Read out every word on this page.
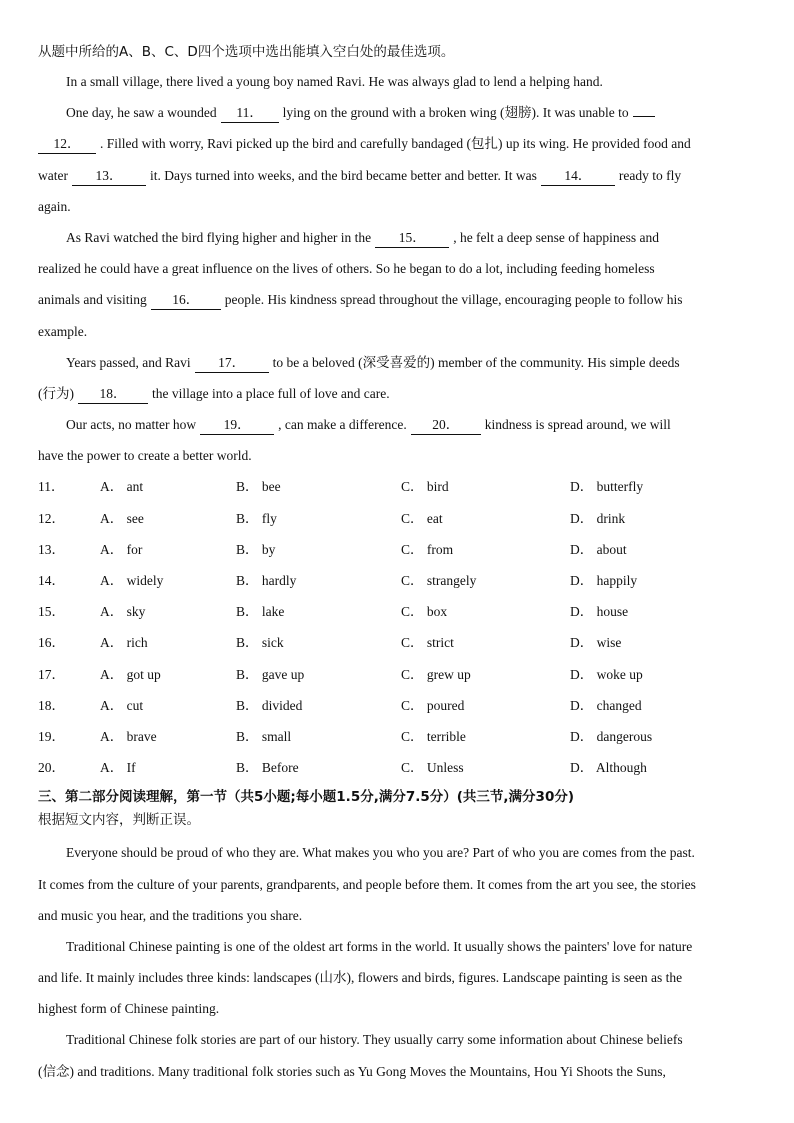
从题中所给的A、B、C、D四个选项中选出能填入空白处的最佳选项。
In a small village, there lived a young boy named Ravi. He was always glad to lend a helping hand.
One day, he saw a wounded 11． lying on the ground with a broken wing (翅膀). It was unable to
12． . Filled with worry, Ravi picked up the bird and carefully bandaged (包扎) up its wing. He provided food and
water 13． it. Days turned into weeks, and the bird became better and better. It was 14． ready to fly
again.
As Ravi watched the bird flying higher and higher in the 15． , he felt a deep sense of happiness and
realized he could have a great influence on the lives of others. So he began to do a lot, including feeding homeless
animals and visiting 16． people. His kindness spread throughout the village, encouraging people to follow his
example.
Years passed, and Ravi 17． to be a beloved (深受喜爱的) member of the community. His simple deeds
(行为) 18． the village into a place full of love and care.
Our acts, no matter how 19． , can make a difference. 20． kindness is spread around, we will
have the power to create a better world.
11．	A． ant	B． bee	C． bird	D． butterfly
12．	A． see	B． fly	C． eat	D． drink
13．	A． for	B． by	C． from	D． about
14．	A． widely	B． hardly	C． strangely	D． happily
15．	A． sky	B． lake	C． box	D． house
16．	A． rich	B． sick	C． strict	D． wise
17．	A． got up	B． gave up	C． grew up	D． woke up
18．	A． cut	B． divided	C． poured	D． changed
19．	A． brave	B． small	C． terrible	D． dangerous
20．	A． If	B． Before	C． Unless	D． Although
三、第二部分阅读理解，第一节（共5小题;每小题1.5分,满分7.5分）(共三节,满分30分)
根据短文内容，判断正误。
Everyone should be proud of who they are. What makes you who you are? Part of who you are comes from the past.
It comes from the culture of your parents, grandparents, and people before them. It comes from the art you see, the stories
and music you hear, and the traditions you share.
Traditional Chinese painting is one of the oldest art forms in the world. It usually shows the painters' love for nature
and life. It mainly includes three kinds: landscapes (山水), flowers and birds, figures. Landscape painting is seen as the
highest form of Chinese painting.
Traditional Chinese folk stories are part of our history. They usually carry some information about Chinese beliefs
(信念) and traditions. Many traditional folk stories such as Yu Gong Moves the Mountains, Hou Yi Shoots the Suns,
